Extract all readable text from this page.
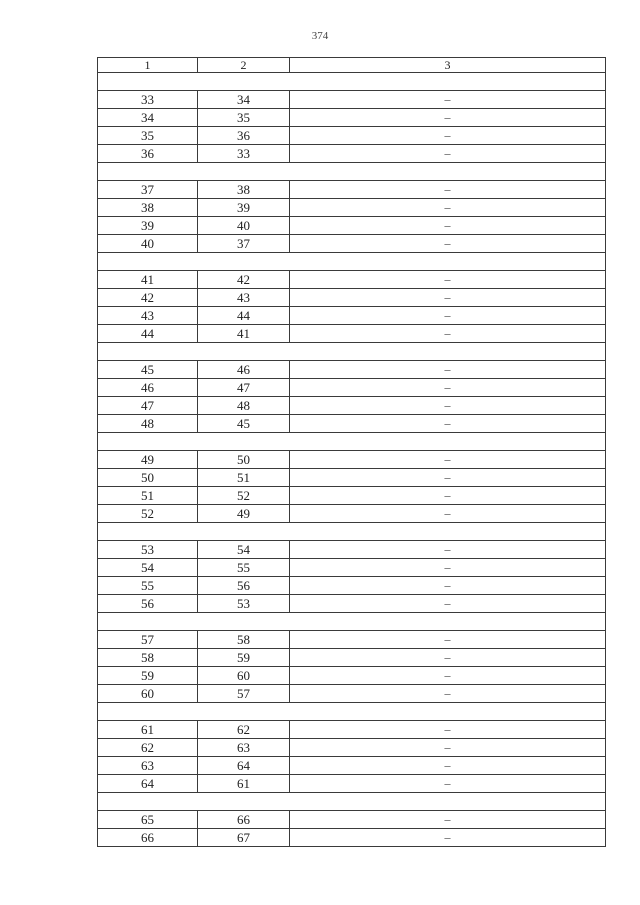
374
1	2	3

33	34	–
34	35	–
35	36	–
36	33	–

37	38	–
38	39	–
39	40	–
40	37	–

41	42	–
42	43	–
43	44	–
44	41	–

45	46	–
46	47	–
47	48	–
48	45	–

49	50	–
50	51	–
51	52	–
52	49	–

53	54	–
54	55	–
55	56	–
56	53	–

57	58	–
58	59	–
59	60	–
60	57	–

61	62	–
62	63	–
63	64	–
64	61	–

65	66	–
66	67	–
